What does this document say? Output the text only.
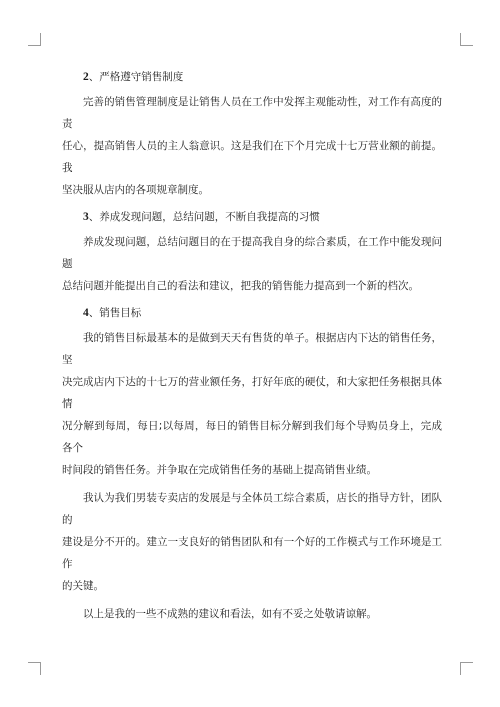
2、严格遵守销售制度

完善的销售管理制度是让销售人员在工作中发挥主观能动性，对工作有高度的责
任心，提高销售人员的主人翁意识。这是我们在下个月完成十七万营业额的前提。我
坚决服从店内的各项规章制度。

3、养成发现问题，总结问题，不断自我提高的习惯

养成发现问题，总结问题目的在于提高我自身的综合素质，在工作中能发现问题
总结问题并能提出自己的看法和建议，把我的销售能力提高到一个新的档次。

4、销售目标

我的销售目标最基本的是做到天天有售货的单子。根据店内下达的销售任务，坚
决完成店内下达的十七万的营业额任务，打好年底的硬仗，和大家把任务根据具体情
况分解到每周，每日;以每周，每日的销售目标分解到我们每个导购员身上，完成各个
时间段的销售任务。并争取在完成销售任务的基础上提高销售业绩。

我认为我们男装专卖店的发展是与全体员工综合素质，店长的指导方针，团队的
建设是分不开的。建立一支良好的销售团队和有一个好的工作模式与工作环境是工作
的关键。

以上是我的一些不成熟的建议和看法，如有不妥之处敬请谅解。
